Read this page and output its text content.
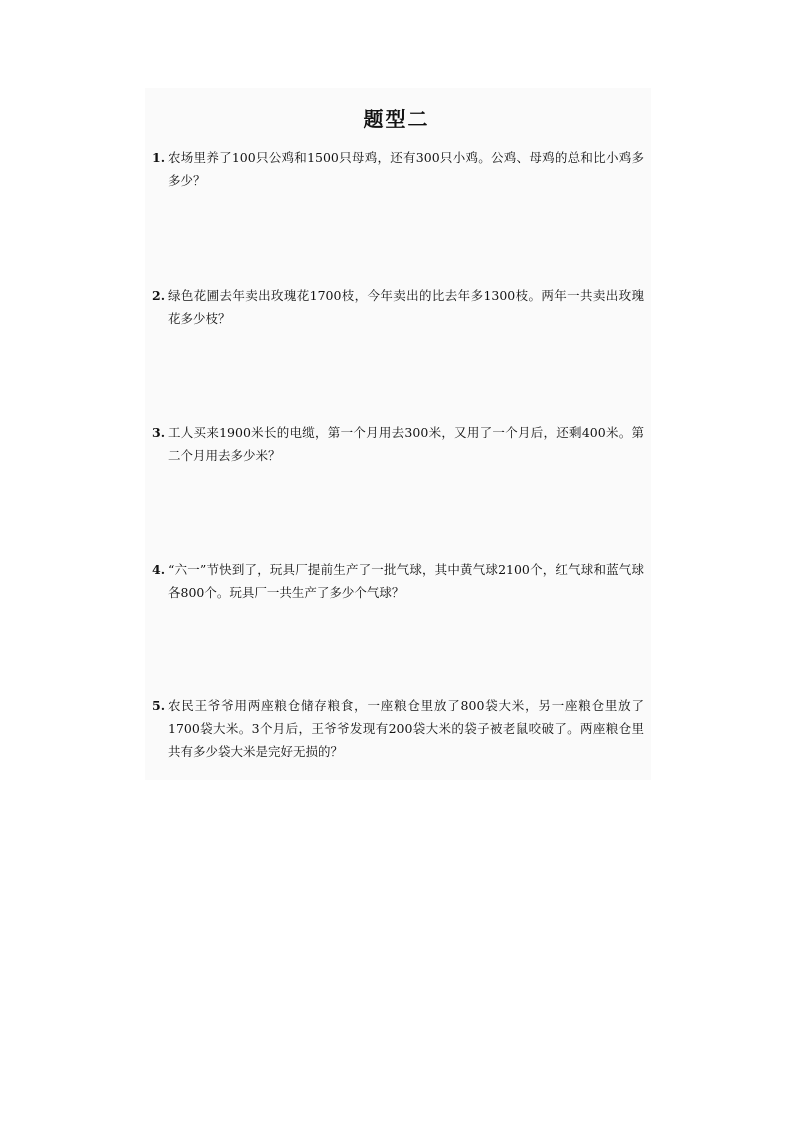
题型二
1. 农场里养了100只公鸡和1500只母鸡，还有300只小鸡。公鸡、母鸡的总和比小鸡多多少？
2. 绿色花圃去年卖出玫瑰花1700枝，今年卖出的比去年多1300枝。两年一共卖出玫瑰花多少枝？
3. 工人买来1900米长的电缆，第一个月用去300米，又用了一个月后，还剩400米。第二个月用去多少米？
4. “六一”节快到了，玩具厂提前生产了一批气球，其中黄气球2100个，红气球和蓝气球各800个。玩具厂一共生产了多少个气球？
5. 农民王爷爷用两座粮仓储存粮食，一座粮仓里放了800袋大米，另一座粮仓里放了1700袋大米。3个月后，王爷爷发现有200袋大米的袋子被老鼠咬破了。两座粮仓里共有多少袋大米是完好无损的？
